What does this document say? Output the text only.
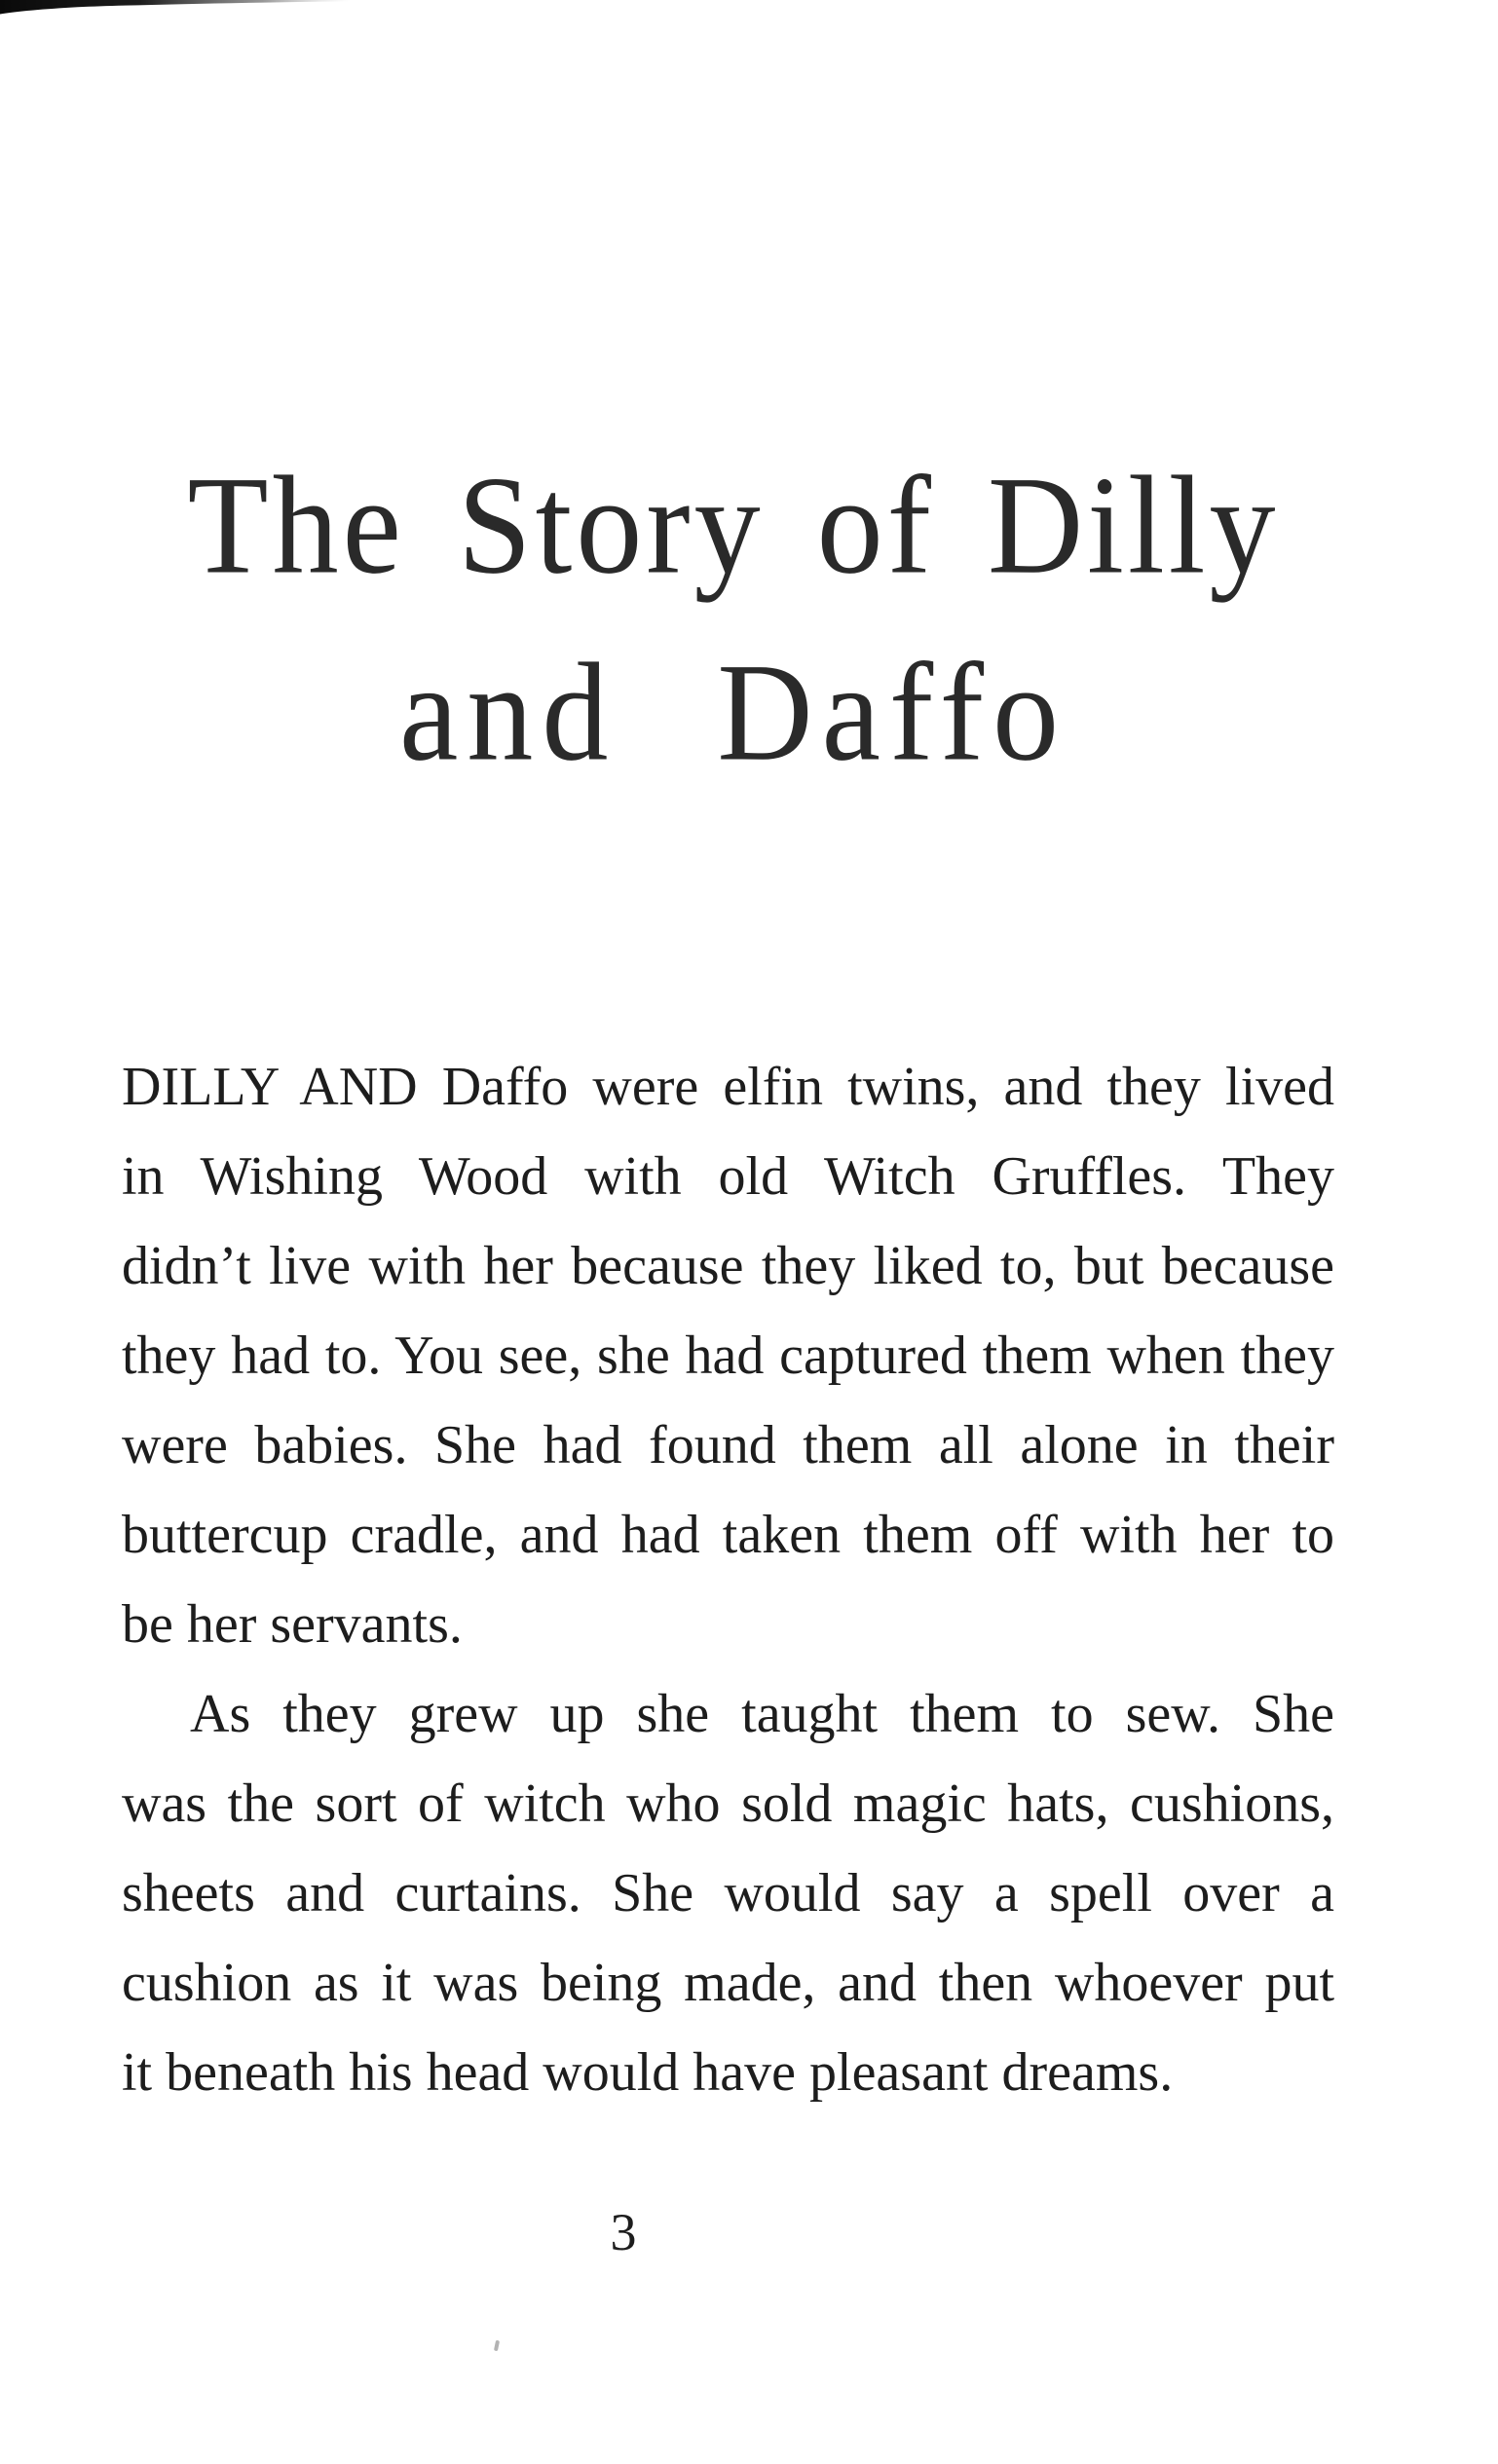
The Story of Dilly
and Daffo
DILLY AND Daffo were elfin twins, and they lived
in Wishing Wood with old Witch Gruffles. They
didn’t live with her because they liked to, but because
they had to. You see, she had captured them when they
were babies. She had found them all alone in their
buttercup cradle, and had taken them off with her to
be her servants.
As they grew up she taught them to sew. She
was the sort of witch who sold magic hats, cushions,
sheets and curtains. She would say a spell over a
cushion as it was being made, and then whoever put
it beneath his head would have pleasant dreams.
3
